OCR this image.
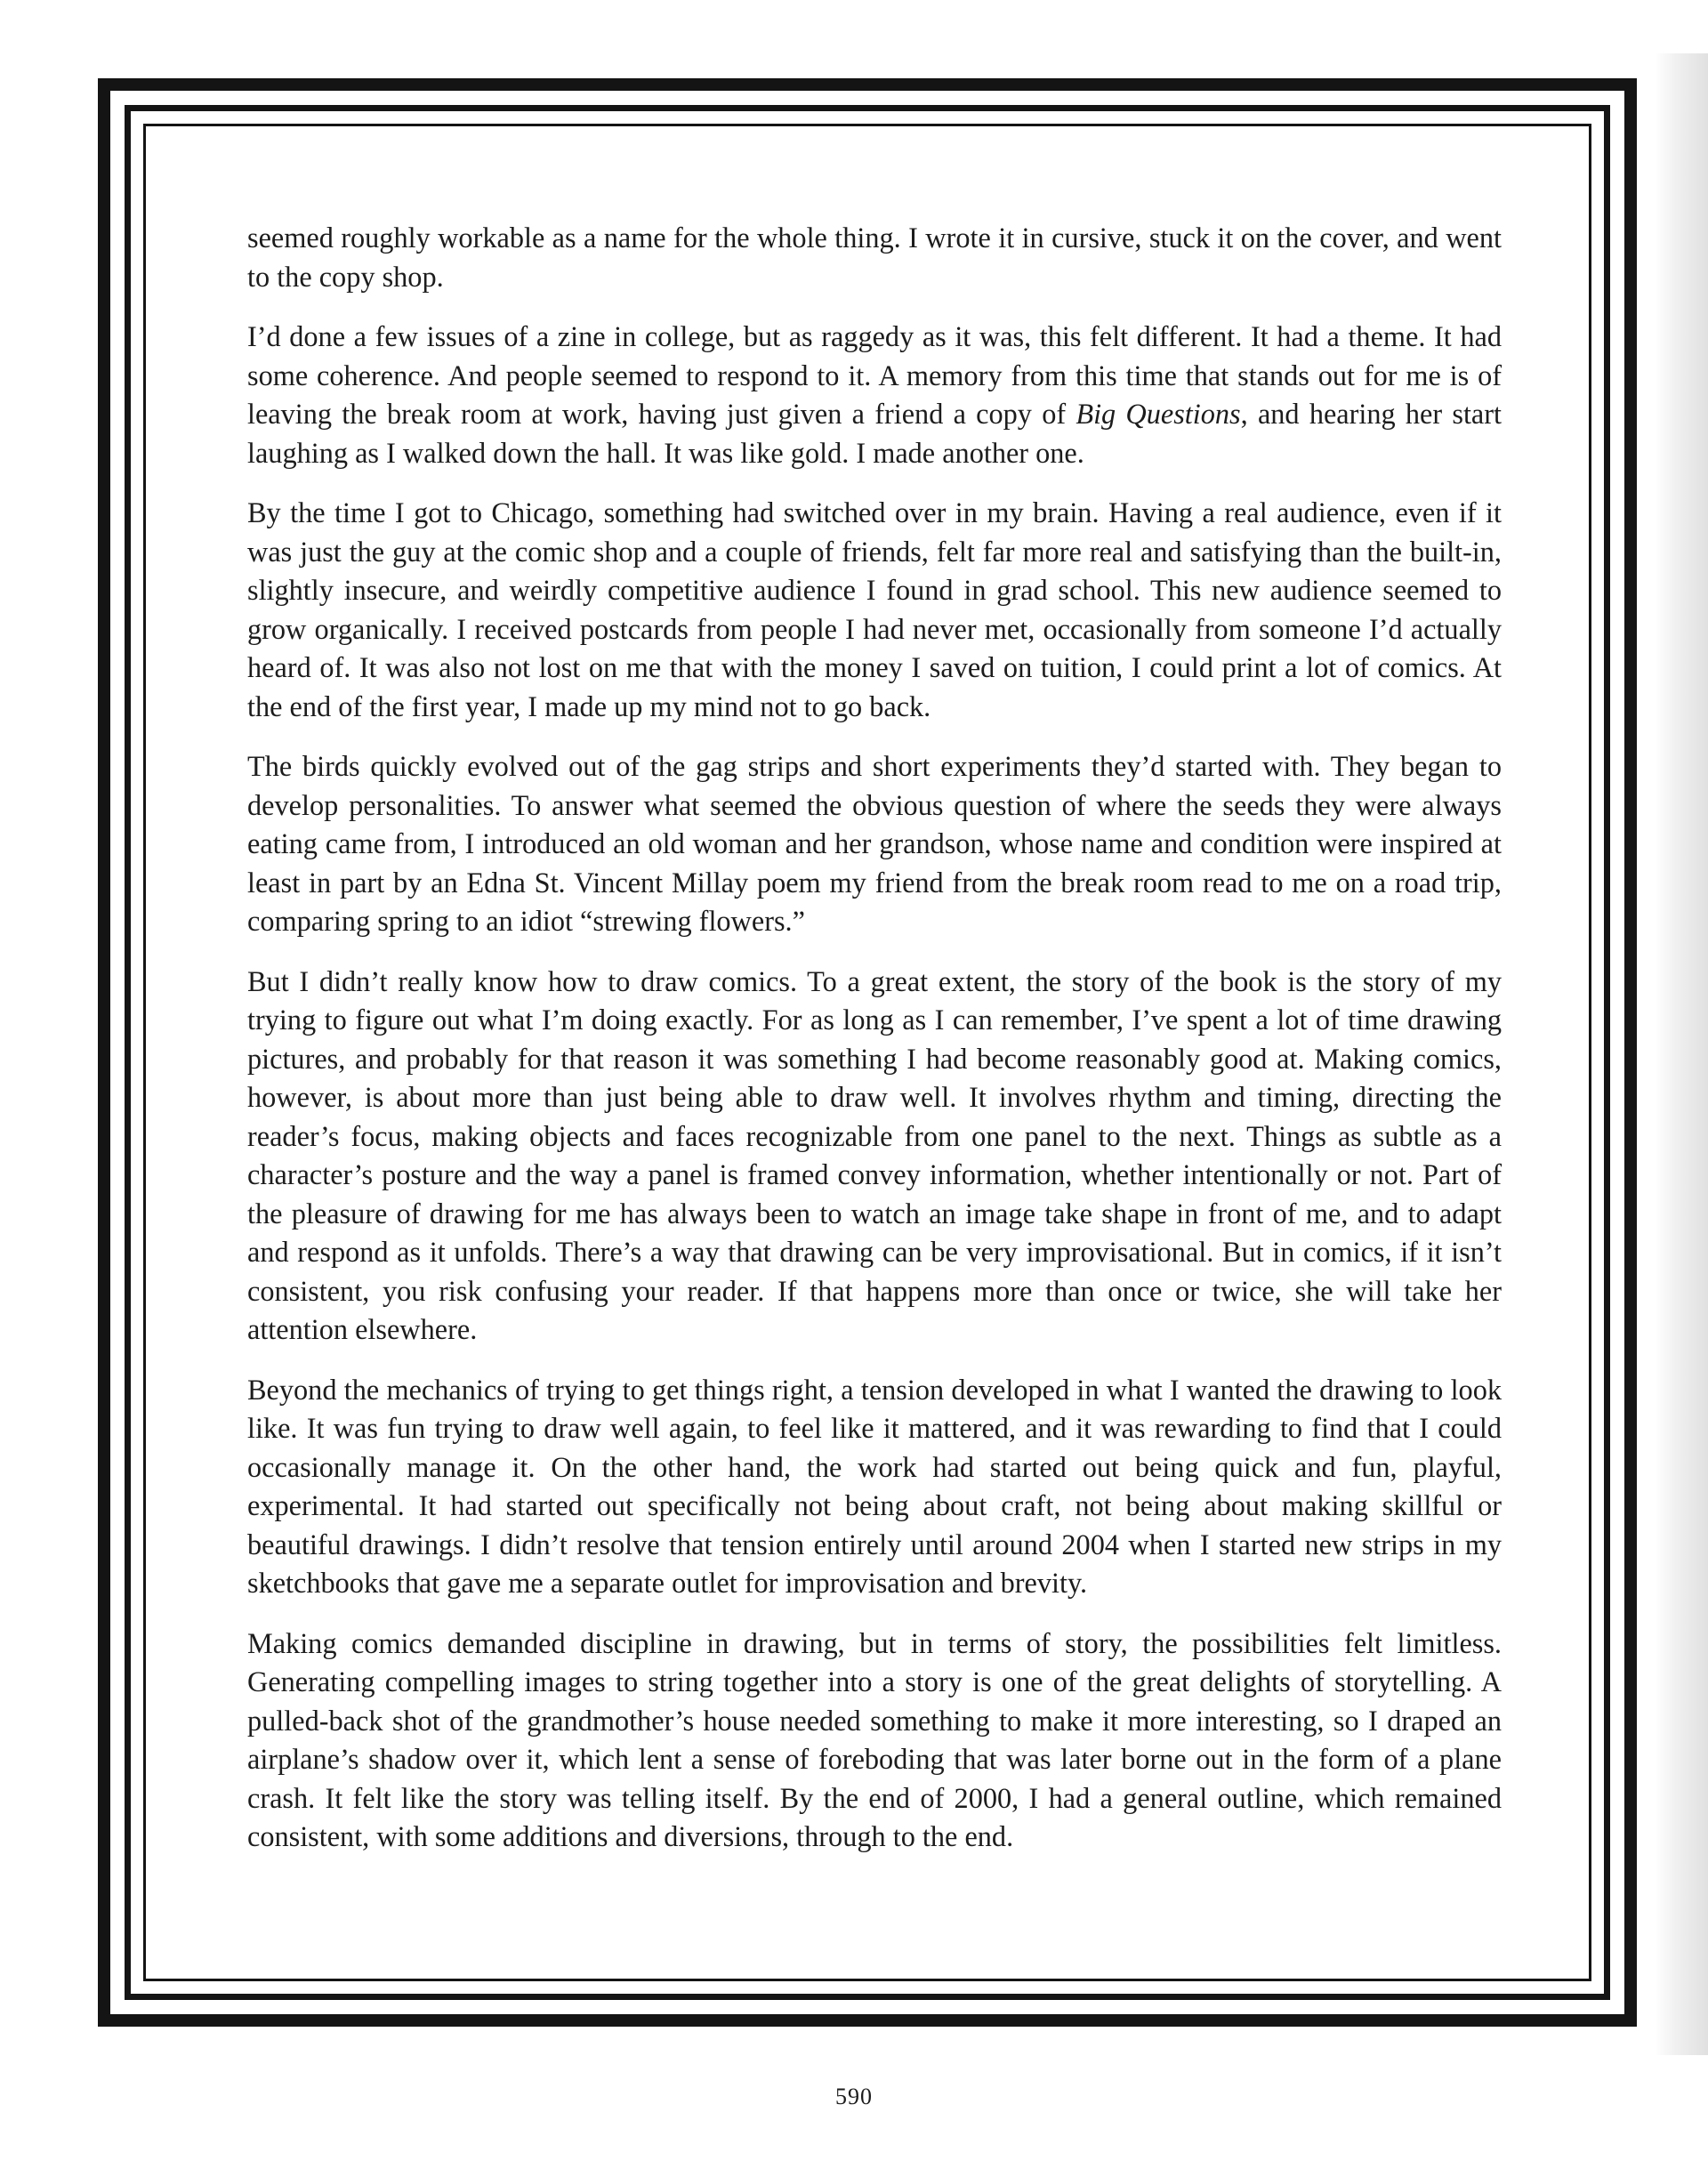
seemed roughly workable as a name for the whole thing. I wrote it in cursive, stuck it on the cover, and went to the copy shop.

I’d done a few issues of a zine in college, but as raggedy as it was, this felt different. It had a theme. It had some coherence. And people seemed to respond to it. A memory from this time that stands out for me is of leaving the break room at work, having just given a friend a copy of Big Questions, and hearing her start laughing as I walked down the hall. It was like gold. I made another one.

By the time I got to Chicago, something had switched over in my brain. Having a real audience, even if it was just the guy at the comic shop and a couple of friends, felt far more real and satisfying than the built-in, slightly insecure, and weirdly competitive audience I found in grad school. This new audience seemed to grow organically. I received postcards from people I had never met, occasionally from someone I’d actually heard of. It was also not lost on me that with the money I saved on tuition, I could print a lot of comics. At the end of the first year, I made up my mind not to go back.

The birds quickly evolved out of the gag strips and short experiments they’d started with. They began to develop personalities. To answer what seemed the obvious question of where the seeds they were always eating came from, I introduced an old woman and her grandson, whose name and condition were inspired at least in part by an Edna St. Vincent Millay poem my friend from the break room read to me on a road trip, comparing spring to an idiot “strewing flowers.”

But I didn’t really know how to draw comics. To a great extent, the story of the book is the story of my trying to figure out what I’m doing exactly. For as long as I can remember, I’ve spent a lot of time drawing pictures, and probably for that reason it was something I had become reasonably good at. Making comics, however, is about more than just being able to draw well. It involves rhythm and timing, directing the reader’s focus, making objects and faces recognizable from one panel to the next. Things as subtle as a character’s posture and the way a panel is framed convey information, whether intentionally or not. Part of the pleasure of drawing for me has always been to watch an image take shape in front of me, and to adapt and respond as it unfolds. There’s a way that drawing can be very improvisational. But in comics, if it isn’t consistent, you risk confusing your reader. If that happens more than once or twice, she will take her attention elsewhere.

Beyond the mechanics of trying to get things right, a tension developed in what I wanted the drawing to look like. It was fun trying to draw well again, to feel like it mattered, and it was rewarding to find that I could occasionally manage it. On the other hand, the work had started out being quick and fun, playful, experimental. It had started out specifically not being about craft, not being about making skillful or beautiful drawings. I didn’t resolve that tension entirely until around 2004 when I started new strips in my sketchbooks that gave me a separate outlet for improvisation and brevity.

Making comics demanded discipline in drawing, but in terms of story, the possibilities felt limitless. Generating compelling images to string together into a story is one of the great delights of storytelling. A pulled-back shot of the grandmother’s house needed something to make it more interesting, so I draped an airplane’s shadow over it, which lent a sense of foreboding that was later borne out in the form of a plane crash. It felt like the story was telling itself. By the end of 2000, I had a general outline, which remained consistent, with some additions and diversions, through to the end.

590
